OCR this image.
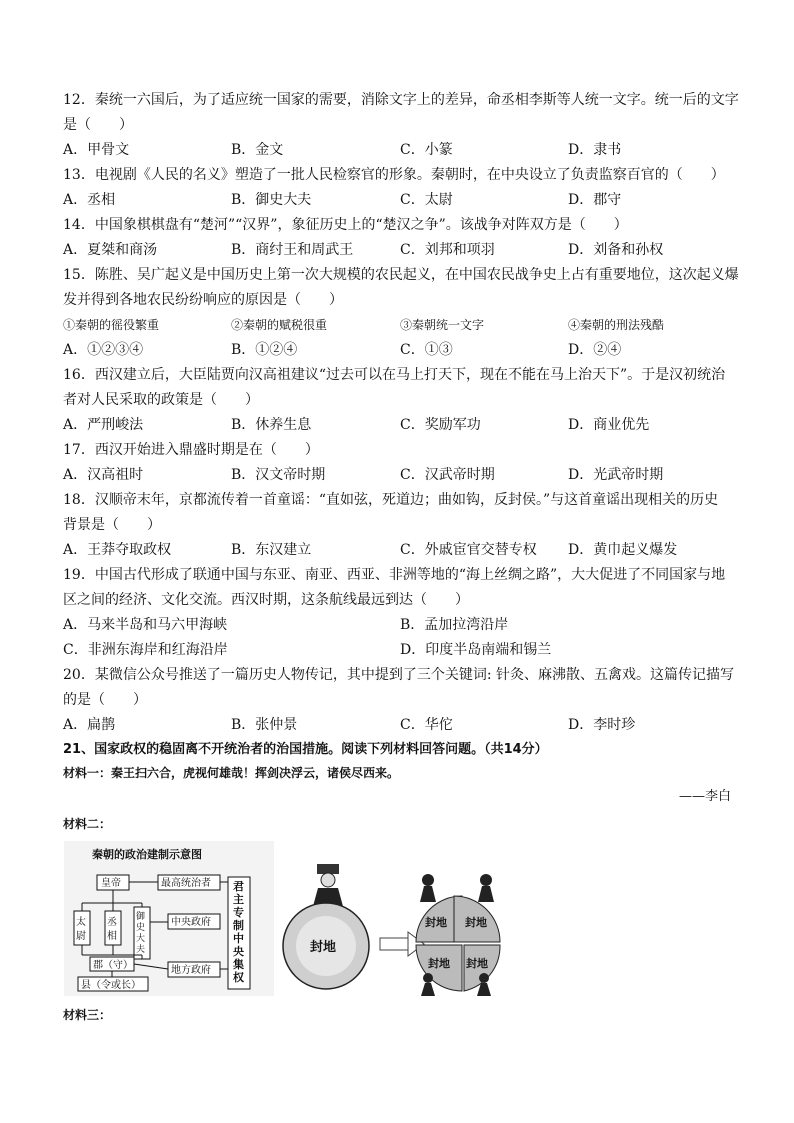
12．秦统一六国后，为了适应统一国家的需要，消除文字上的差异，命丞相李斯等人统一文字。统一后的文字
是（　　）
A．甲骨文	B．金文	C．小篆	D．隶书
13．电视剧《人民的名义》塑造了一批人民检察官的形象。秦朝时，在中央设立了负责监察百官的（　　）
A．丞相	B．御史大夫	C．太尉	D．郡守
14．中国象棋棋盘有“楚河”“汉界”，象征历史上的“楚汉之争”。该战争对阵双方是（　　）
A．夏桀和商汤	B．商纣王和周武王	C．刘邦和项羽	D．刘备和孙权
15．陈胜、吴广起义是中国历史上第一次大规模的农民起义，在中国农民战争史上占有重要地位，这次起义爆
发并得到各地农民纷纷响应的原因是（　　）
①秦朝的徭役繁重	②秦朝的赋税很重	③秦朝统一文字	④秦朝的刑法残酷
A．①②③④	B．①②④	C．①③	D．②④
16．西汉建立后，大臣陆贾向汉高祖建议“过去可以在马上打天下，现在不能在马上治天下”。于是汉初统治
者对人民采取的政策是（　　）
A．严刑峻法	B．休养生息	C．奖励军功	D．商业优先
17．西汉开始进入鼎盛时期是在（　　）
A．汉高祖时	B．汉文帝时期	C．汉武帝时期	D．光武帝时期
18．汉顺帝末年，京都流传着一首童谣：“直如弦，死道边；曲如钩，反封侯。”与这首童谣出现相关的历史
背景是（　　）
A．王莽夺取政权	B．东汉建立	C．外戚宦官交替专权 D．黄巾起义爆发
19．中国古代形成了联通中国与东亚、南亚、西亚、非洲等地的“海上丝绸之路”，大大促进了不同国家与地
区之间的经济、文化交流。西汉时期，这条航线最远到达（　　）
A．马来半岛和马六甲海峡	B．孟加拉湾沿岸
C．非洲东海岸和红海沿岸	D．印度半岛南端和锡兰
20．某微信公众号推送了一篇历史人物传记，其中提到了三个关键词: 针灸、麻沸散、五禽戏。这篇传记描写
的是（　　）
A．扁鹊	B．张仲景	C．华佗	D．李时珍
21、国家政权的稳固离不开统治者的治国措施。阅读下列材料回答问题。（共14分）
材料一：秦王扫六合，虎视何雄哉！挥剑决浮云，诸侯尽西来。
——李白
材料二：
秦朝的政治建制示意图
皇帝	最高统治者
太
尉
丞
相
御
史
大
夫
中央政府
郡（守）	地方政府
县（令或长）
君
主
专
制
中
央
集
权
封地
封地 封地
封地 封地
材料三：
